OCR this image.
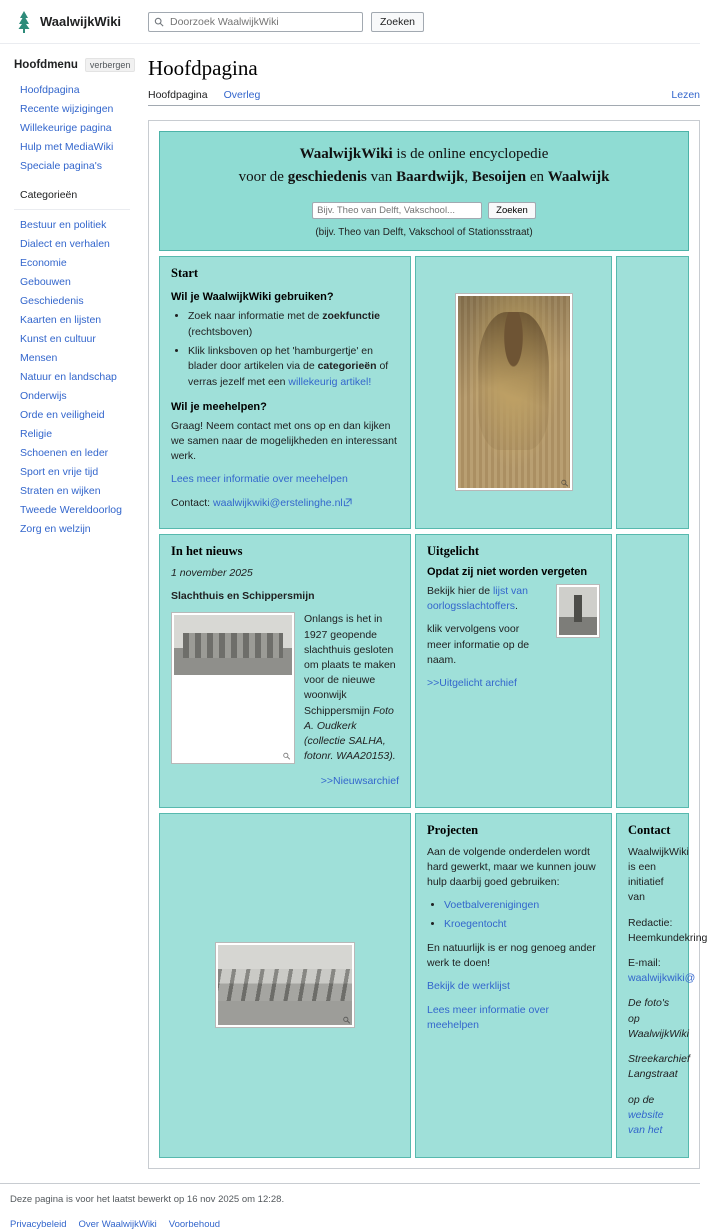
WaalwijkWiki
Doorzoek WaalwijkWiki	Zoeken
Hoofdmenu	verbergen
Hoofdpagina
Recente wijzigingen
Willekeurige pagina
Hulp met MediaWiki
Speciale pagina's
Categorieën
Bestuur en politiek
Dialect en verhalen
Economie
Gebouwen
Geschiedenis
Kaarten en lijsten
Kunst en cultuur
Mensen
Natuur en landschap
Onderwijs
Orde en veiligheid
Religie
Schoenen en leder
Sport en vrije tijd
Straten en wijken
Tweede Wereldoorlog
Zorg en welzijn
Hoofdpagina
Hoofdpagina Overleg	Lezen
WaalwijkWiki is de online encyclopedie
voor de geschiedenis van Baardwijk, Besoijen en Waalwijk
Bijv. Theo van Delft, Vakschool...
Zoeken
(bijv. Theo van Delft, Vakschool of Stationsstraat)
Start
Wil je WaalwijkWiki gebruiken?
• Zoek naar informatie met de zoekfunctie (rechtsboven)
• Klik linksboven op het 'hamburgertje' en blader door artikelen via de categorieën of verras jezelf met een willekeurig artikel!
Wil je meehelpen?

Graag! Neem contact met ons op en dan kijken we samen naar de mogelijkheden en interessant werk.

Lees meer informatie over meehelpen

Contact: waalwijkwiki@erstelinghe.nl

In het nieuws

1 november 2025

Slachthuis en Schippersmijn

Onlangs is het in 1927 geopende slachthuis gesloten om plaats te maken voor de nieuwe woonwijk Schippersmijn Foto A. Oudkerk (collectie SALHA, fotonr. WAA20153).

>>Nieuwsarchief

Uitgelicht
Opdat zij niet worden vergeten

Bekijk hier de lijst van oorlogsslachtoffers.

klik vervolgens voor meer informatie op de naam.

>>Uitgelicht archief

Projecten

Aan de volgende onderdelen wordt hard gewerkt, maar we kunnen jouw hulp daarbij goed gebruiken:

• Voetbalverenigingen
• Kroegentocht

En natuurlijk is er nog genoeg ander werk te doen!

Bekijk de werklijst

Lees meer informatie over meehelpen

Contact

WaalwijkWiki is een initiatief van

Redactie: Heemkundekring

E-mail: waalwijkwiki@

De foto's op WaalwijkWiki

Streekarchief Langstraat

op de website van het

Deze pagina is voor het laatst bewerkt op 16 nov 2025 om 12:28.
Privacybeleid Over WaalwijkWiki Voorbehoud
